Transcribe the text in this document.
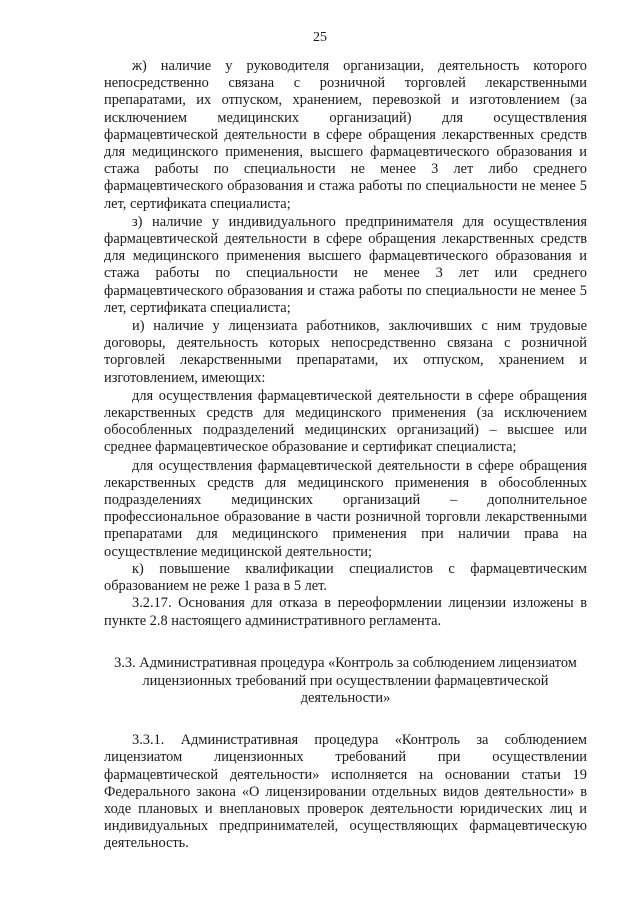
25

ж) наличие у руководителя организации, деятельность которого непосредственно связана с розничной торговлей лекарственными препаратами, их отпуском, хранением, перевозкой и изготовлением (за исключением медицинских организаций) для осуществления фармацевтической деятельности в сфере обращения лекарственных средств для медицинского применения, высшего фармацевтического образования и стажа работы по специальности не менее 3 лет либо среднего фармацевтического образования и стажа работы по специальности не менее 5 лет, сертификата специалиста;

з) наличие у индивидуального предпринимателя для осуществления фармацевтической деятельности в сфере обращения лекарственных средств для медицинского применения высшего фармацевтического образования и стажа работы по специальности не менее 3 лет или среднего фармацевтического образования и стажа работы по специальности не менее 5 лет, сертификата специалиста;

и) наличие у лицензиата работников, заключивших с ним трудовые договоры, деятельность которых непосредственно связана с розничной торговлей лекарственными препаратами, их отпуском, хранением и изготовлением, имеющих:

для осуществления фармацевтической деятельности в сфере обращения лекарственных средств для медицинского применения (за исключением обособленных подразделений медицинских организаций) – высшее или среднее фармацевтическое образование и сертификат специалиста;

для осуществления фармацевтической деятельности в сфере обращения лекарственных средств для медицинского применения в обособленных подразделениях медицинских организаций – дополнительное профессиональное образование в части розничной торговли лекарственными препаратами для медицинского применения при наличии права на осуществление медицинской деятельности;

к) повышение квалификации специалистов с фармацевтическим образованием не реже 1 раза в 5 лет.

3.2.17. Основания для отказа в переоформлении лицензии изложены в пункте 2.8 настоящего административного регламента.

3.3. Административная процедура «Контроль за соблюдением лицензиатом лицензионных требований при осуществлении фармацевтической деятельности»

3.3.1. Административная процедура «Контроль за соблюдением лицензиатом лицензионных требований при осуществлении фармацевтической деятельности» исполняется на основании статьи 19 Федерального закона «О лицензировании отдельных видов деятельности» в ходе плановых и внеплановых проверок деятельности юридических лиц и индивидуальных предпринимателей, осуществляющих фармацевтическую деятельность.
